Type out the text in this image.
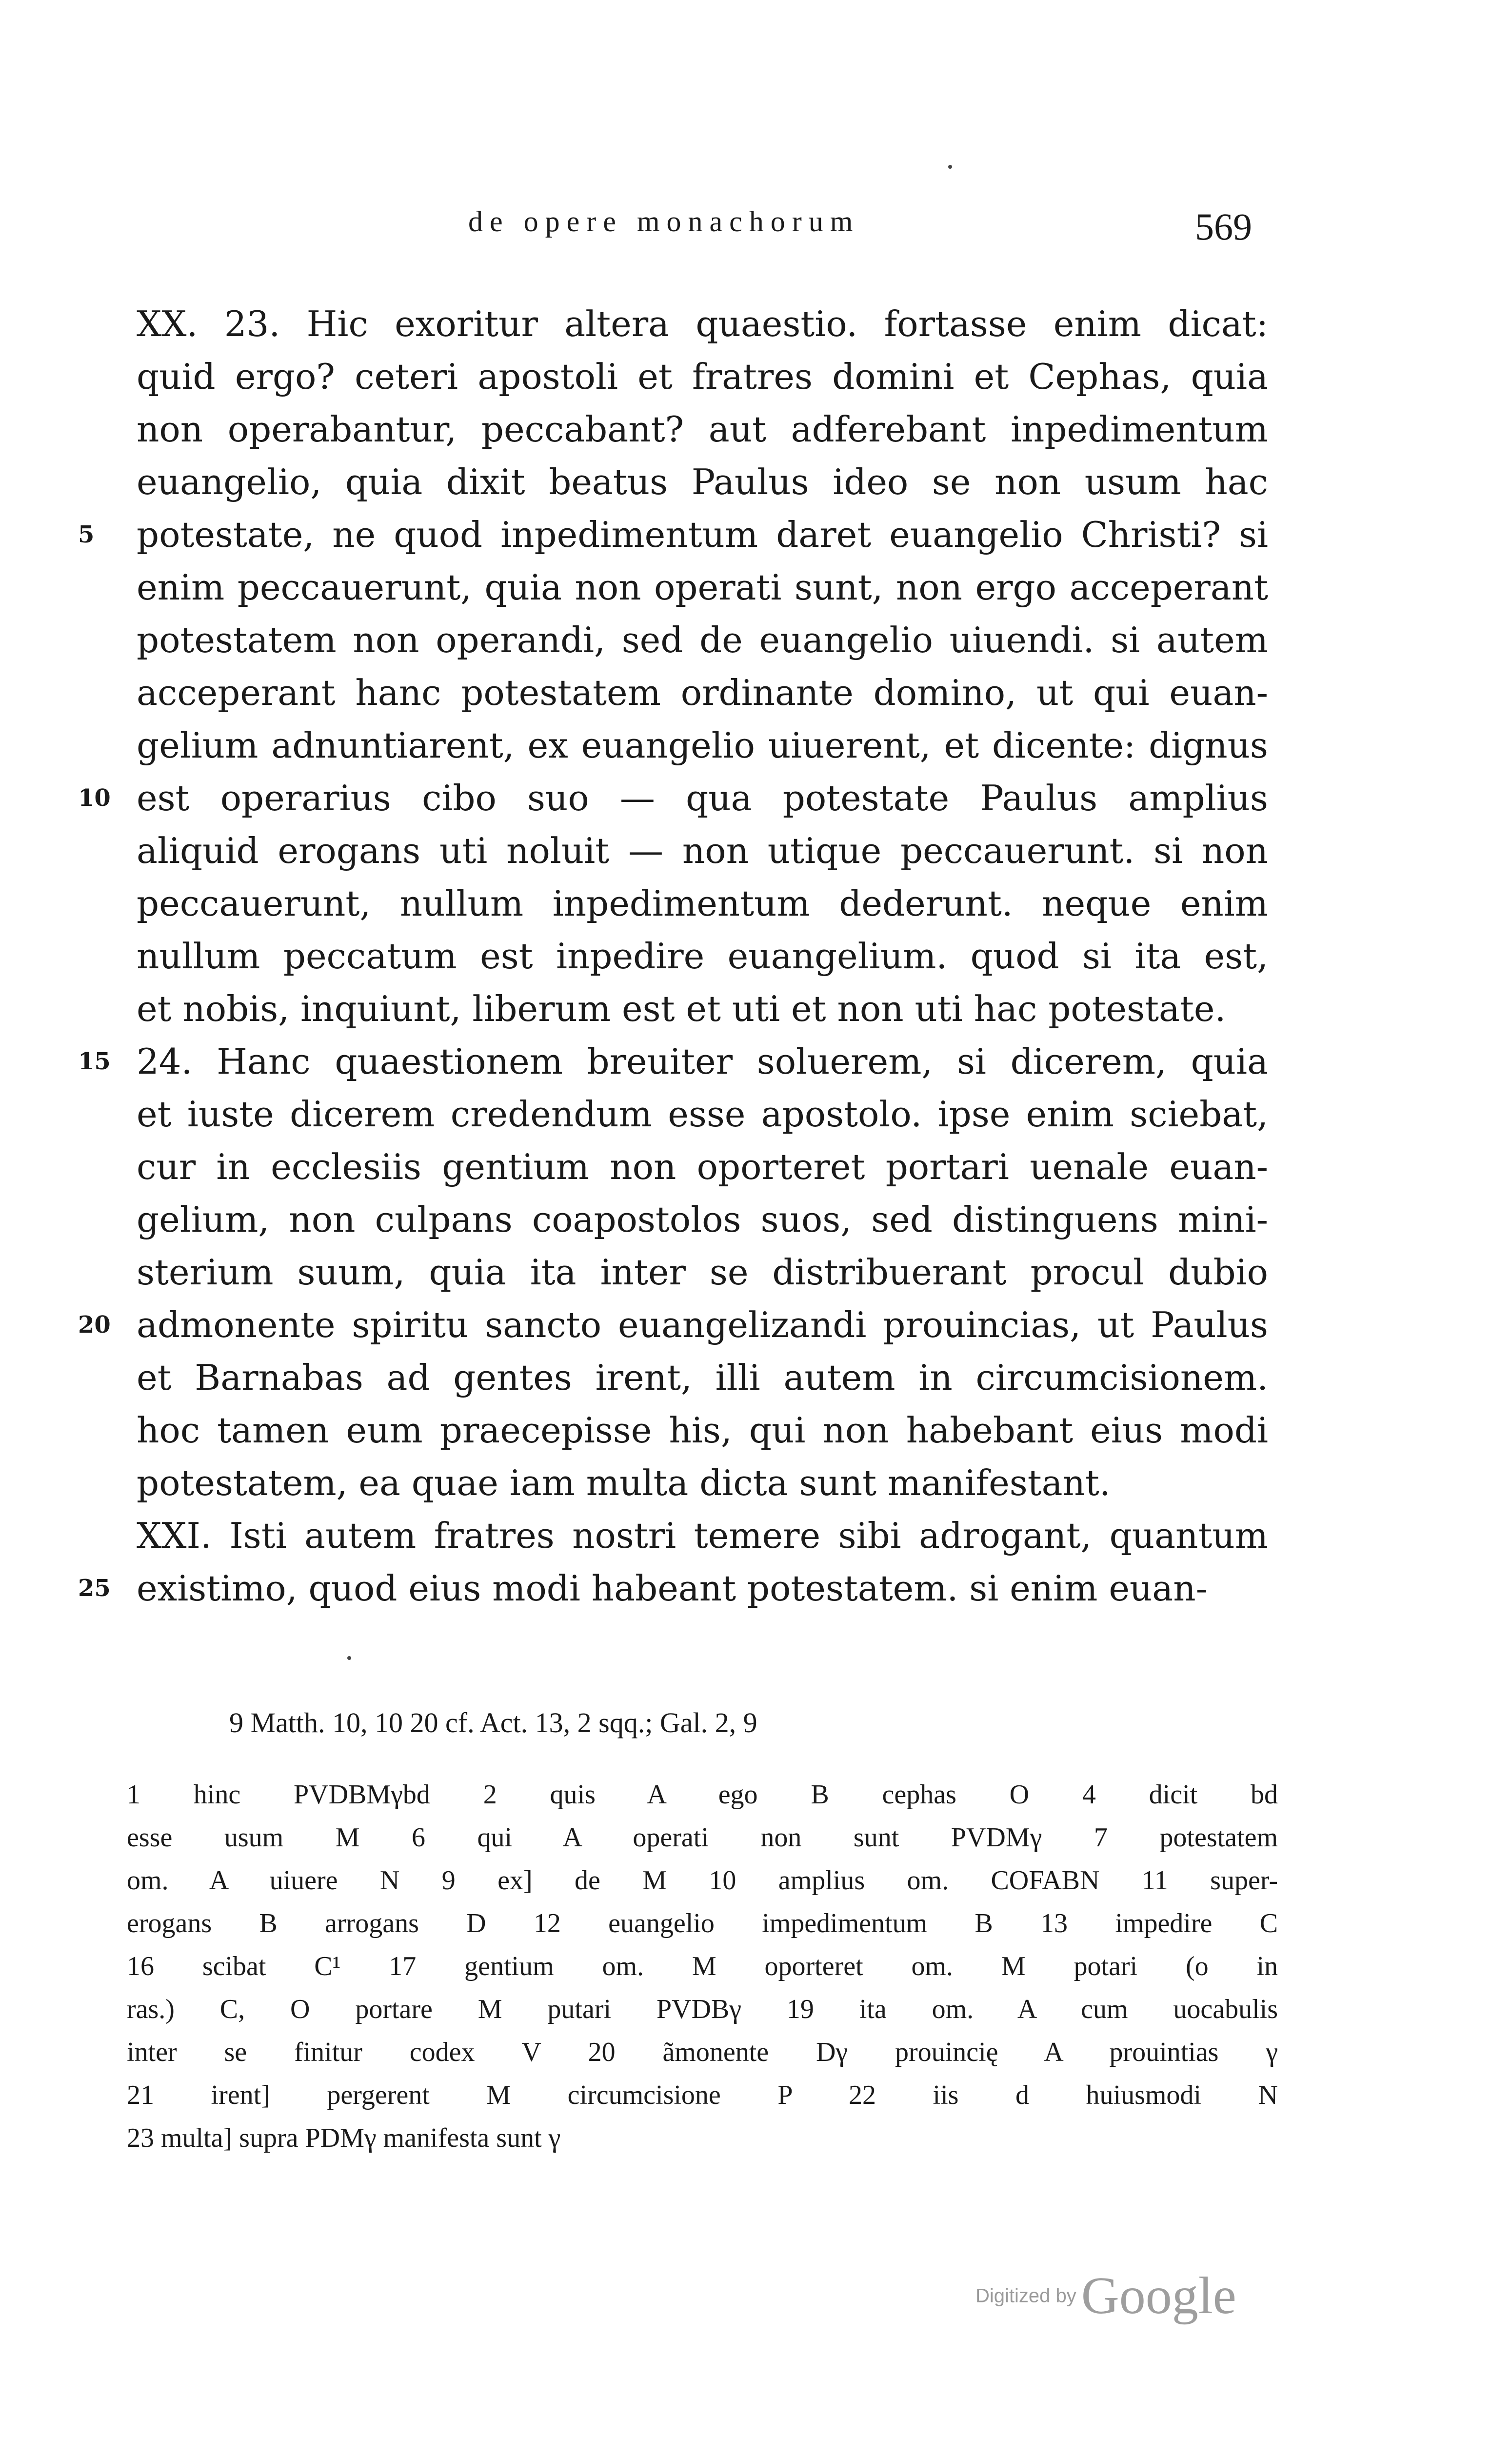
de opere monachorum	569
XX. 23. Hic exoritur altera quaestio. fortasse enim dicat:
quid ergo? ceteri apostoli et fratres domini et Cephas, quia
non operabantur, peccabant? aut adferebant inpedimentum
euangelio, quia dixit beatus Paulus ideo se non usum hac
5	potestate, ne quod inpedimentum daret euangelio Christi? si
enim peccauerunt, quia non operati sunt, non ergo acceperant
potestatem non operandi, sed de euangelio uiuendi. si autem
acceperant hanc potestatem ordinante domino, ut qui euan-
gelium adnuntiarent, ex euangelio uiuerent, et dicente: dignus
10 est operarius cibo suo — qua potestate Paulus amplius
aliquid erogans uti noluit — non utique peccauerunt. si non
peccauerunt, nullum inpedimentum dederunt. neque enim
nullum peccatum est inpedire euangelium. quod si ita est,
et nobis, inquiunt, liberum est et uti et non uti hac potestate.
15 24. Hanc quaestionem breuiter soluerem, si dicerem, quia
et iuste dicerem credendum esse apostolo. ipse enim sciebat,
cur in ecclesiis gentium non oporteret portari uenale euan-
gelium, non culpans coapostolos suos, sed distinguens mini-
sterium suum, quia ita inter se distribuerant procul dubio
20 admonente spiritu sancto euangelizandi prouincias, ut Paulus
et Barnabas ad gentes irent, illi autem in circumcisionem.
hoc tamen eum praecepisse his, qui non habebant eius modi
potestatem, ea quae iam multa dicta sunt manifestant.
XXI. Isti autem fratres nostri temere sibi adrogant, quantum
25 existimo, quod eius modi habeant potestatem. si enim euan-
9 Matth. 10, 10 20 cf. Act. 13, 2 sqq.; Gal. 2, 9
1 hinc PVDBMγbd 2 quis A ego B cephas O 4 dicit bd
esse usum M 6 qui A operati non sunt PVDMγ 7 potestatem
om. A uiuere N 9 ex] de M 10 amplius om. COFABN 11 super-
erogans B arrogans D 12 euangelio impedimentum B 13 impedire C
16 scibat C¹ 17 gentium om. M oporteret om. M potari (o in
ras.) C, O portare M putari PVDBγ 19 ita om. A cum uocabulis
inter se finitur codex V 20 ãmonente Dγ prouincię A prouintias γ
21 irent] pergerent M circumcisione P 22 iis d huiusmodi N
23 multa] supra PDMγ manifesta sunt γ
Digitized byGoogle
